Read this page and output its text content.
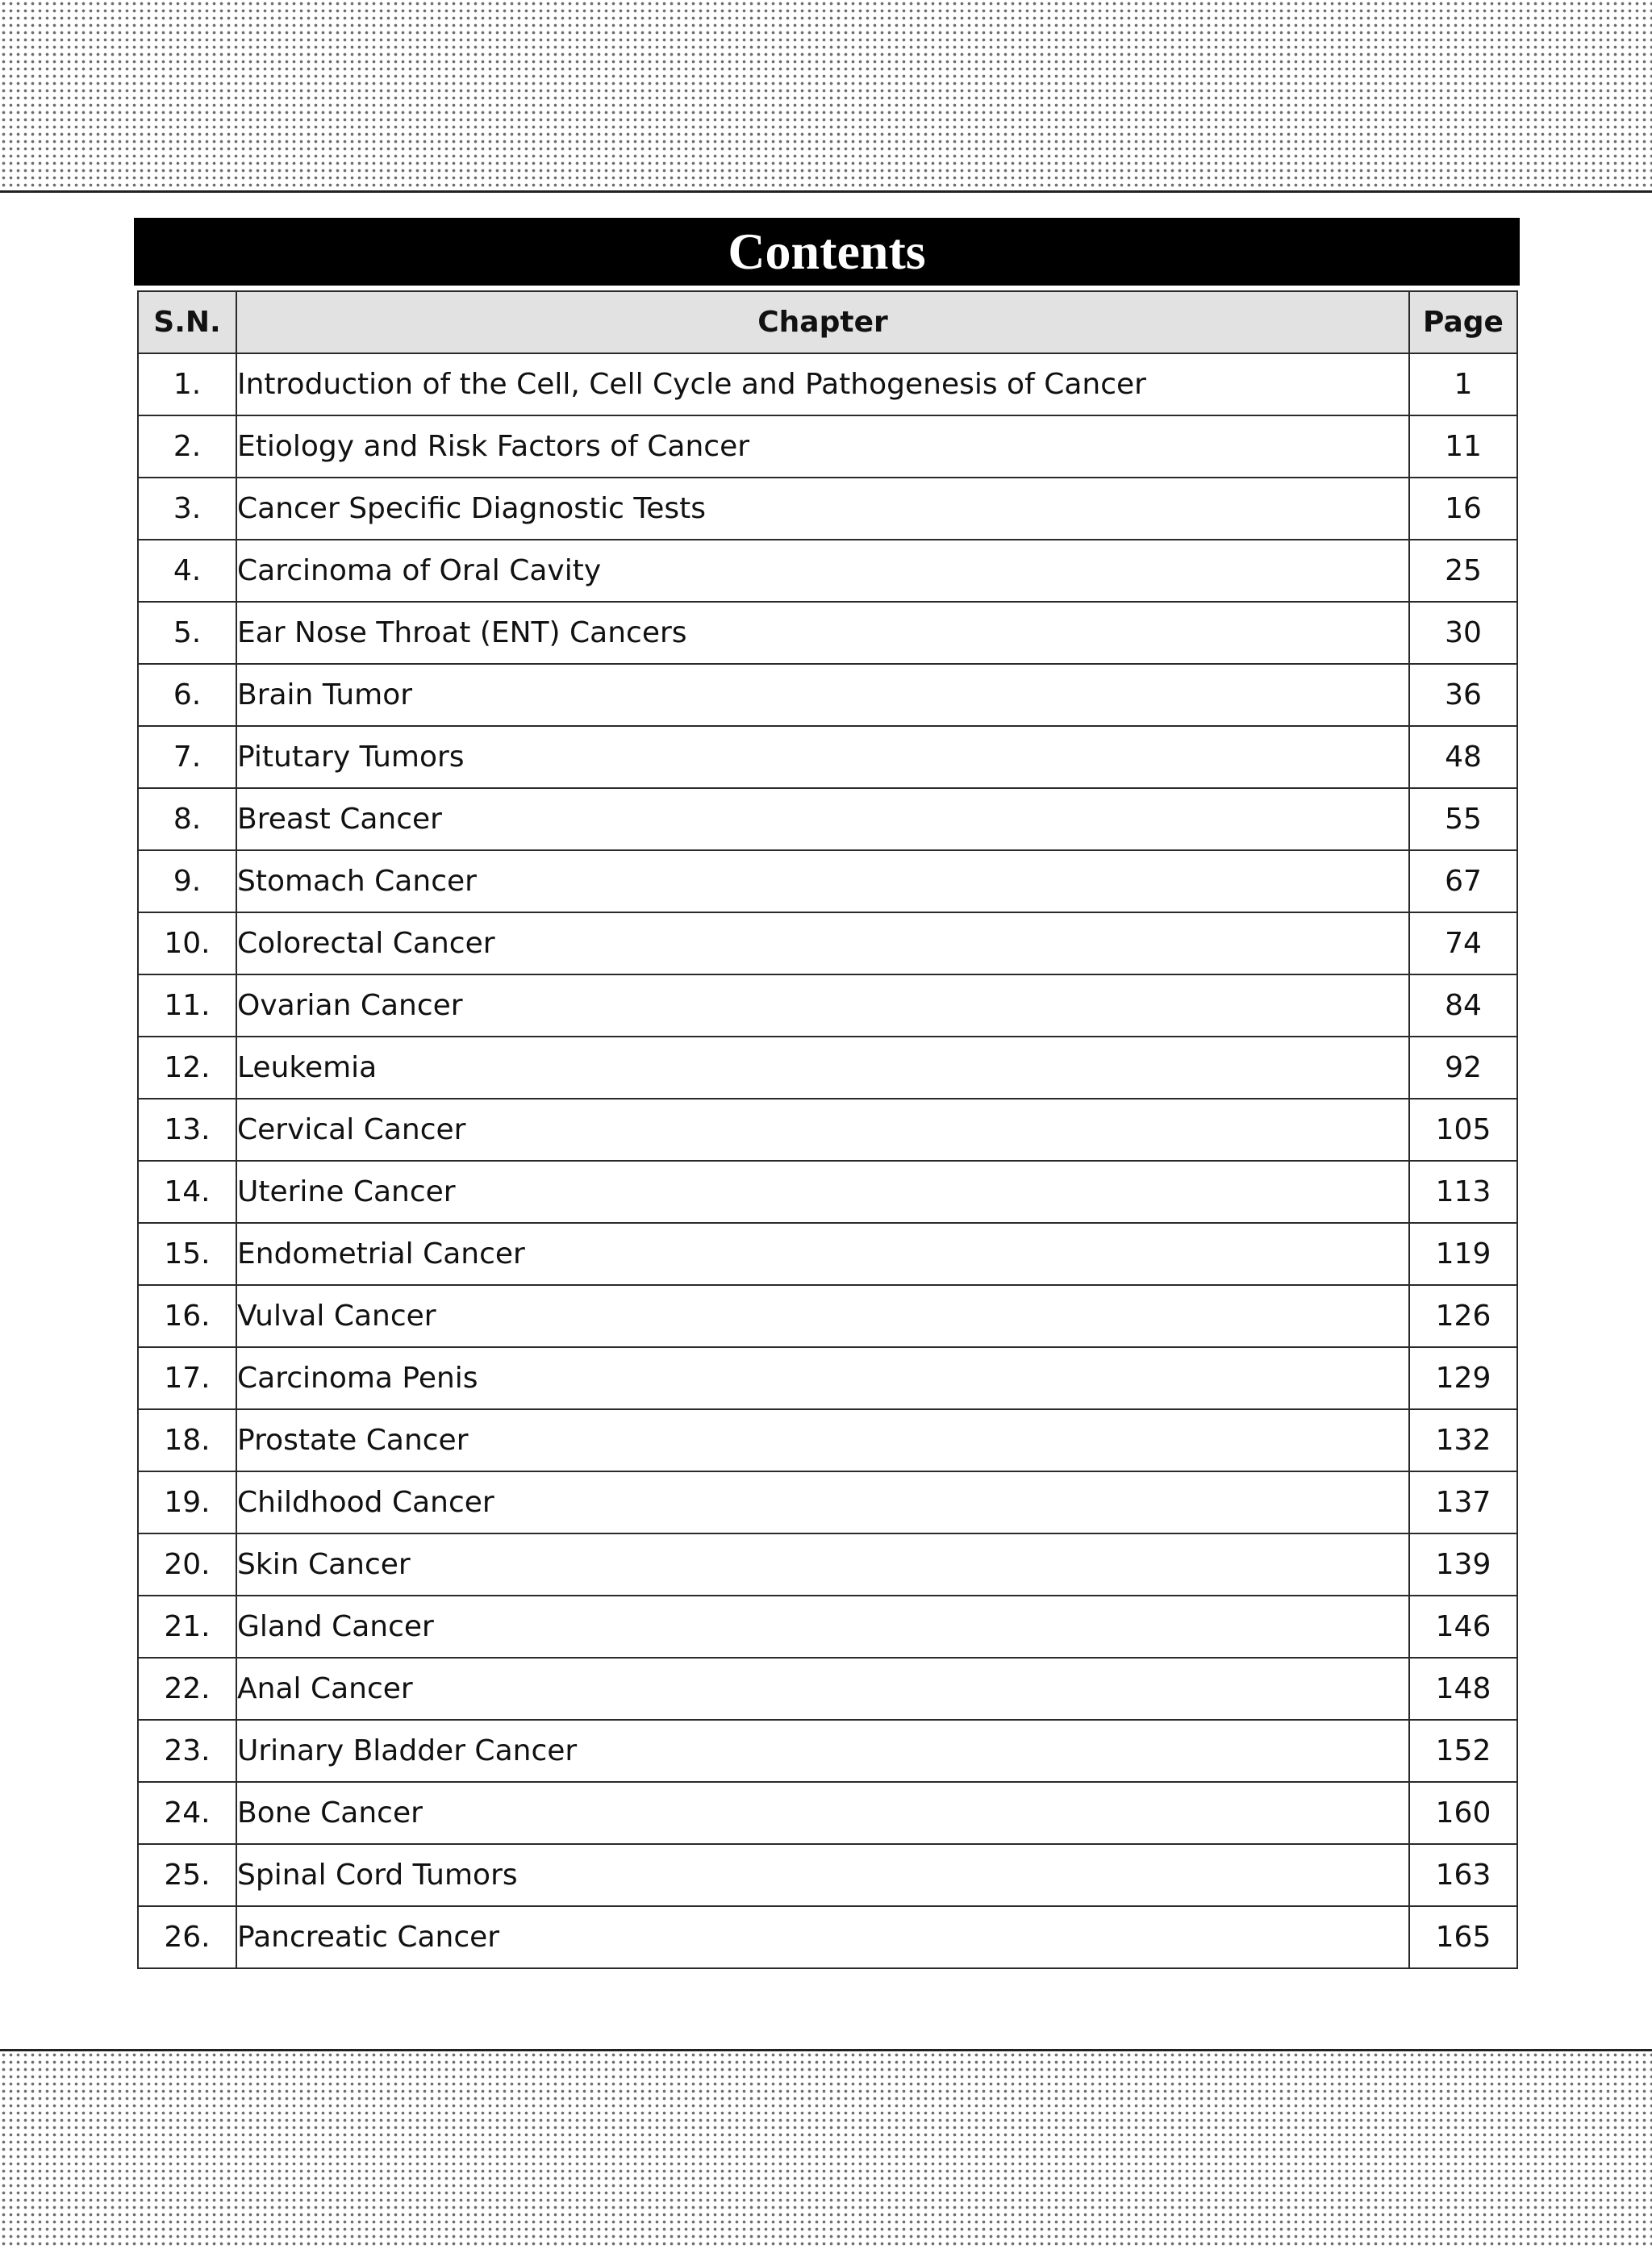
Contents
S.N.	Chapter	Page
1.	Introduction of the Cell, Cell Cycle and Pathogenesis of Cancer	1
2.	Etiology and Risk Factors of Cancer	11
3.	Cancer Specific Diagnostic Tests	16
4.	Carcinoma of Oral Cavity	25
5.	Ear Nose Throat (ENT) Cancers	30
6.	Brain Tumor	36
7.	Pitutary Tumors	48
8.	Breast Cancer	55
9.	Stomach Cancer	67
10.	Colorectal Cancer	74
11.	Ovarian Cancer	84
12.	Leukemia	92
13.	Cervical Cancer	105
14.	Uterine Cancer	113
15.	Endometrial Cancer	119
16.	Vulval Cancer	126
17.	Carcinoma Penis	129
18.	Prostate Cancer	132
19.	Childhood Cancer	137
20.	Skin Cancer	139
21.	Gland Cancer	146
22.	Anal Cancer	148
23.	Urinary Bladder Cancer	152
24.	Bone Cancer	160
25.	Spinal Cord Tumors	163
26.	Pancreatic Cancer	165
